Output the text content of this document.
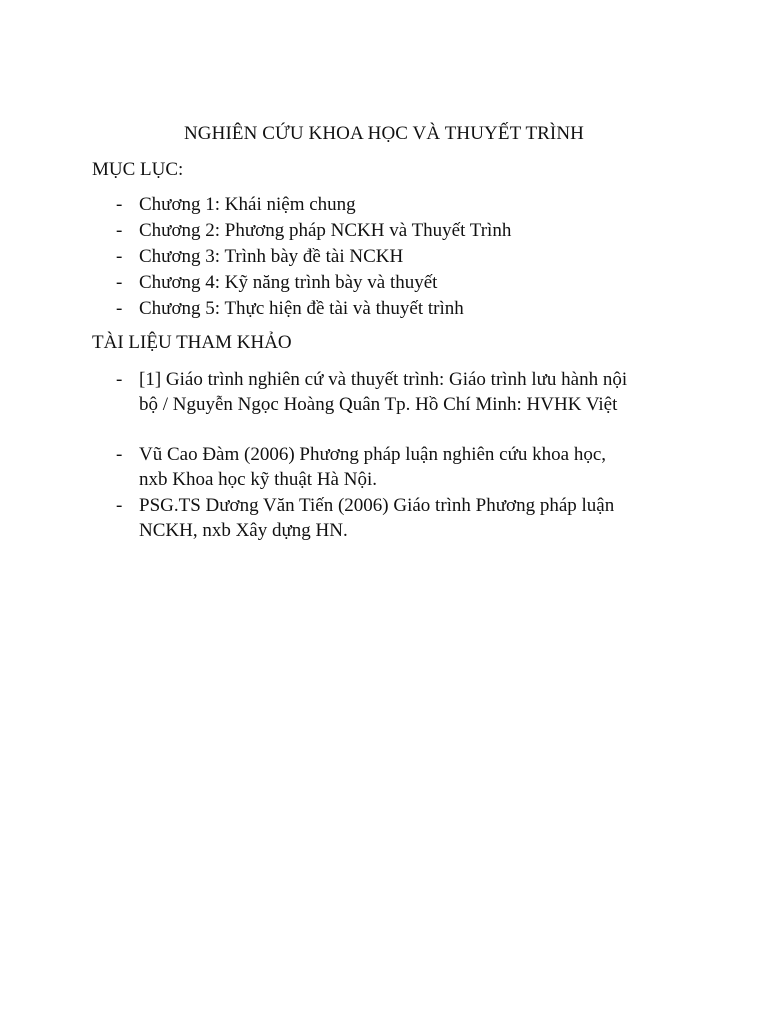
NGHIÊN CỨU KHOA HỌC VÀ THUYẾT TRÌNH
MỤC LỤC:
- Chương 1: Khái niệm chung
- Chương 2: Phương pháp NCKH và Thuyết Trình
- Chương 3: Trình bày đề tài NCKH
- Chương 4: Kỹ năng trình bày và thuyết
- Chương 5: Thực hiện đề tài và thuyết trình
TÀI LIỆU THAM KHẢO
- [1] Giáo trình nghiên cứ và thuyết trình: Giáo trình lưu hành nội
bộ / Nguyễn Ngọc Hoàng Quân Tp. Hồ Chí Minh: HVHK Việt
- Vũ Cao Đàm (2006) Phương pháp luận nghiên cứu khoa học,
nxb Khoa học kỹ thuật Hà Nội.
- PSG.TS Dương Văn Tiến (2006) Giáo trình Phương pháp luận
NCKH, nxb Xây dựng HN.
